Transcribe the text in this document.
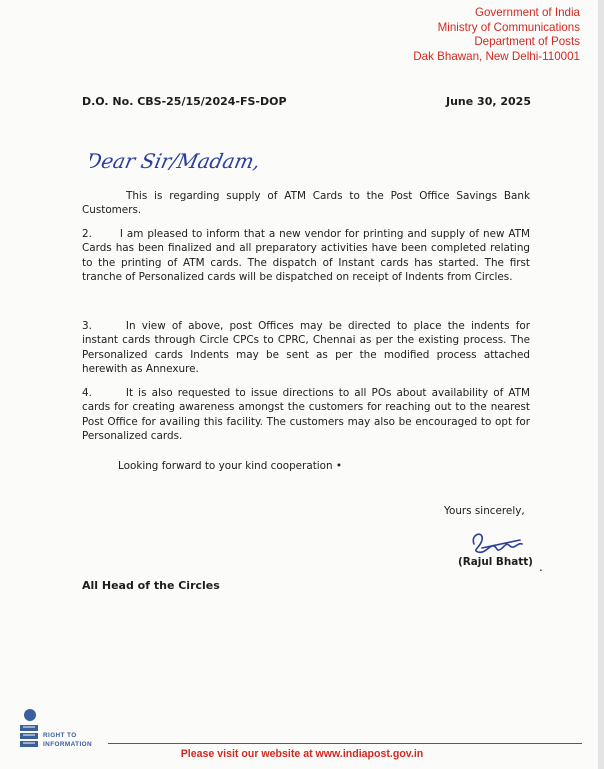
Government of India
Ministry of Communications
Department of Posts
Dak Bhawan, New Delhi-110001
D.O. No. CBS-25/15/2024-FS-DOP	June 30, 2025
Dear Sir/Madam,
This is regarding supply of ATM Cards to the Post Office Savings Bank Customers.
2.	I am pleased to inform that a new vendor for printing and supply of new ATM Cards has been finalized and all preparatory activities have been completed relating to the printing of ATM cards. The dispatch of Instant cards has started. The first tranche of Personalized cards will be dispatched on receipt of Indents from Circles.
3.	In view of above, post Offices may be directed to place the indents for instant cards through Circle CPCs to CPRC, Chennai as per the existing process. The Personalized cards Indents may be sent as per the modified process attached herewith as Annexure.
4.	It is also requested to issue directions to all POs about availability of ATM cards for creating awareness amongst the customers for reaching out to the nearest Post Office for availing this facility. The customers may also be encouraged to opt for Personalized cards.
Looking forward to your kind cooperation •
Yours sincerely,
(Rajul Bhatt) .
All Head of the Circles
RIGHT TO
INFORMATION
Please visit our website at www.indiapost.gov.in
